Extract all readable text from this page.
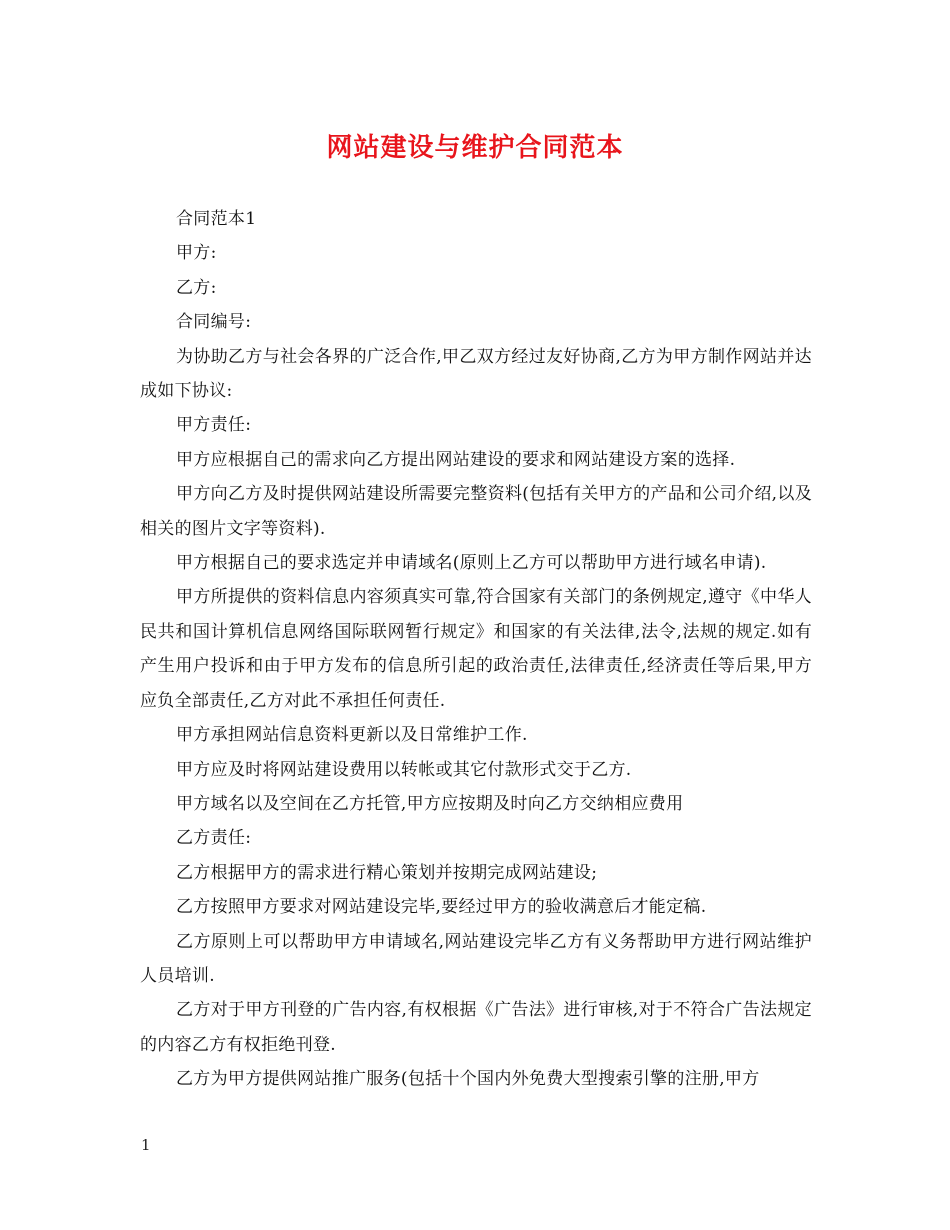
网站建设与维护合同范本

合同范本1

甲方:

乙方:

合同编号:

为协助乙方与社会各界的广泛合作,甲乙双方经过友好协商,乙方为甲方制作网站并达成如下协议:

甲方责任:

甲方应根据自己的需求向乙方提出网站建设的要求和网站建设方案的选择.

甲方向乙方及时提供网站建设所需要完整资料(包括有关甲方的产品和公司介绍,以及相关的图片文字等资料).

甲方根据自己的要求选定并申请域名(原则上乙方可以帮助甲方进行域名申请).

甲方所提供的资料信息内容须真实可靠,符合国家有关部门的条例规定,遵守《中华人民共和国计算机信息网络国际联网暂行规定》和国家的有关法律,法令,法规的规定.如有产生用户投诉和由于甲方发布的信息所引起的政治责任,法律责任,经济责任等后果,甲方应负全部责任,乙方对此不承担任何责任.

甲方承担网站信息资料更新以及日常维护工作.

甲方应及时将网站建设费用以转帐或其它付款形式交于乙方.

甲方域名以及空间在乙方托管,甲方应按期及时向乙方交纳相应费用

乙方责任:

乙方根据甲方的需求进行精心策划并按期完成网站建设;

乙方按照甲方要求对网站建设完毕,要经过甲方的验收满意后才能定稿.

乙方原则上可以帮助甲方申请域名,网站建设完毕乙方有义务帮助甲方进行网站维护人员培训.

乙方对于甲方刊登的广告内容,有权根据《广告法》进行审核,对于不符合广告法规定的内容乙方有权拒绝刊登.

乙方为甲方提供网站推广服务(包括十个国内外免费大型搜索引擎的注册,甲方

1
